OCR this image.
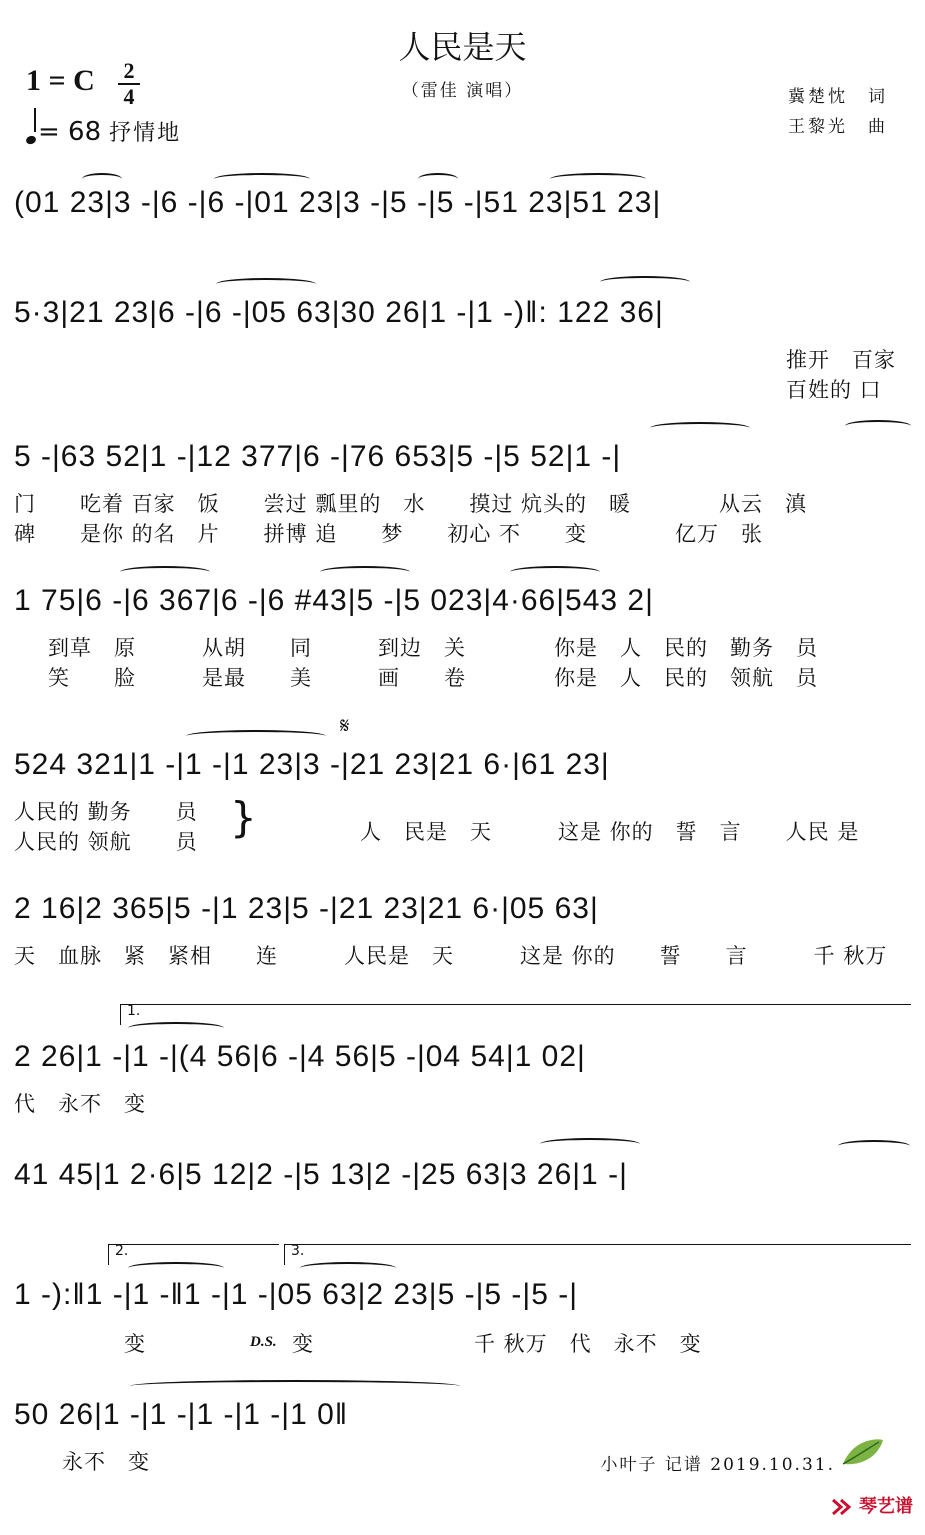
人民是天
（雷佳 演唱）
1 = C 2
4
= 68 抒情地
冀楚忱　词
王黎光　曲
(01 23|3 -|6 -|6 -|01 23|3 -|5 -|5 -|51 23|51 23|
5·3|21 23|6 -|6 -|05 63|30 26|1 -|1 -)‖: 122 36|
推开　百家
百姓的 口
5 -|63 52|1 -|12 377|6 -|76 653|5 -|5 52|1 -|
门　　吃着 百家　饭　　尝过 瓢里的　水　　摸过 炕头的　暖　　　　从云　滇
碑　　是你 的名　片　　拼博 追　　梦　　初心 不　　变　　　　亿万　张
1 75|6 -|6 367|6 -|6 #43|5 -|5 023|4·66|543 2|
到草　原　　　从胡　　同　　　到边　关　　　　你是　人　民的　勤务　员
笑　　脸　　　是最　　美　　　画　　卷　　　　你是　人　民的　领航　员
𝄋
524 321|1 -|1 -|1 23|3 -|21 23|21 6·|61 23|
人民的 勤务　　员
人民的 领航　　员 }	人　民是　天　　　这是 你的　誓　言　　人民 是
2 16|2 365|5 -|1 23|5 -|21 23|21 6·|05 63|
天　血脉　紧　紧相　　连　　　人民是　天　　　这是 你的　　誓　　言　　　千 秋万
1.
2 26|1 -|1 -|(4 56|6 -|4 56|5 -|04 54|1 02|
代　永不　变
41 45|1 2·6|5 12|2 -|5 13|2 -|25 63|3 26|1 -|
2.	3.
1 -):‖1 -|1 -‖1 -|1 -|05 63|2 23|5 -|5 -|5 -|
变	D.S. 变	千 秋万　代　永不　变
50 26|1 -|1 -|1 -|1 -|1 0‖
永不　变	小叶子 记谱 2019.10.31.
琴艺谱
